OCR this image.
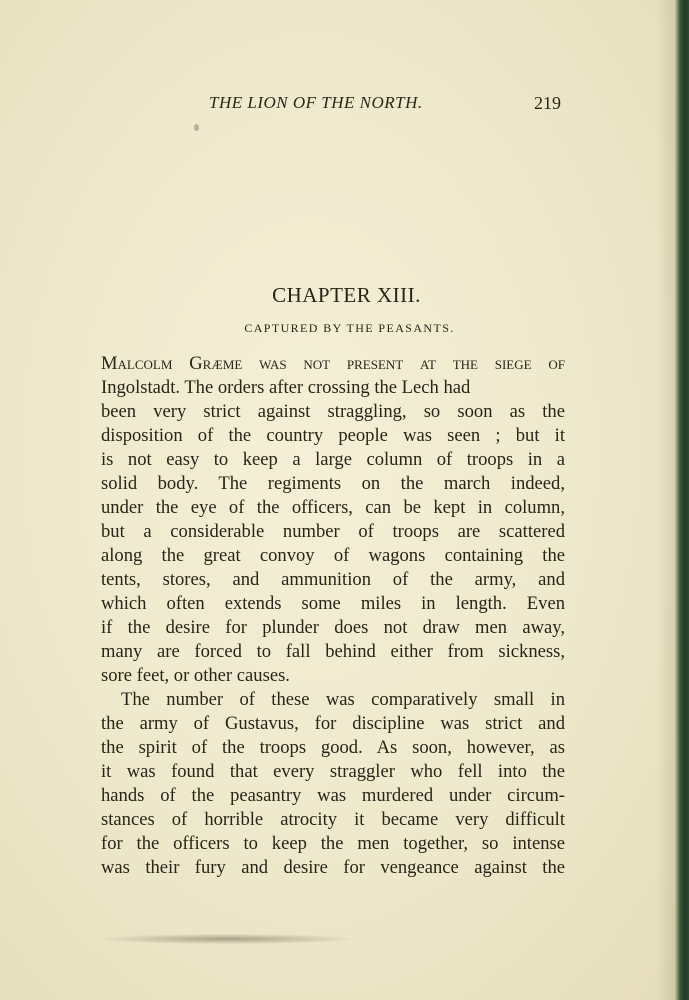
THE LION OF THE NORTH.	219
CHAPTER XIII.
CAPTURED BY THE PEASANTS.
Malcolm Græme was not present at the siege of
Ingolstadt. The orders after crossing the Lech had
been very strict against straggling, so soon as the
disposition of the country people was seen ; but it
is not easy to keep a large column of troops in a
solid body. The regiments on the march indeed,
under the eye of the officers, can be kept in column,
but a considerable number of troops are scattered
along the great convoy of wagons containing the
tents, stores, and ammunition of the army, and
which often extends some miles in length. Even
if the desire for plunder does not draw men away,
many are forced to fall behind either from sickness,
sore feet, or other causes.
The number of these was comparatively small in
the army of Gustavus, for discipline was strict and
the spirit of the troops good. As soon, however, as
it was found that every straggler who fell into the
hands of the peasantry was murdered under circum-
stances of horrible atrocity it became very difficult
for the officers to keep the men together, so intense
was their fury and desire for vengeance against the
